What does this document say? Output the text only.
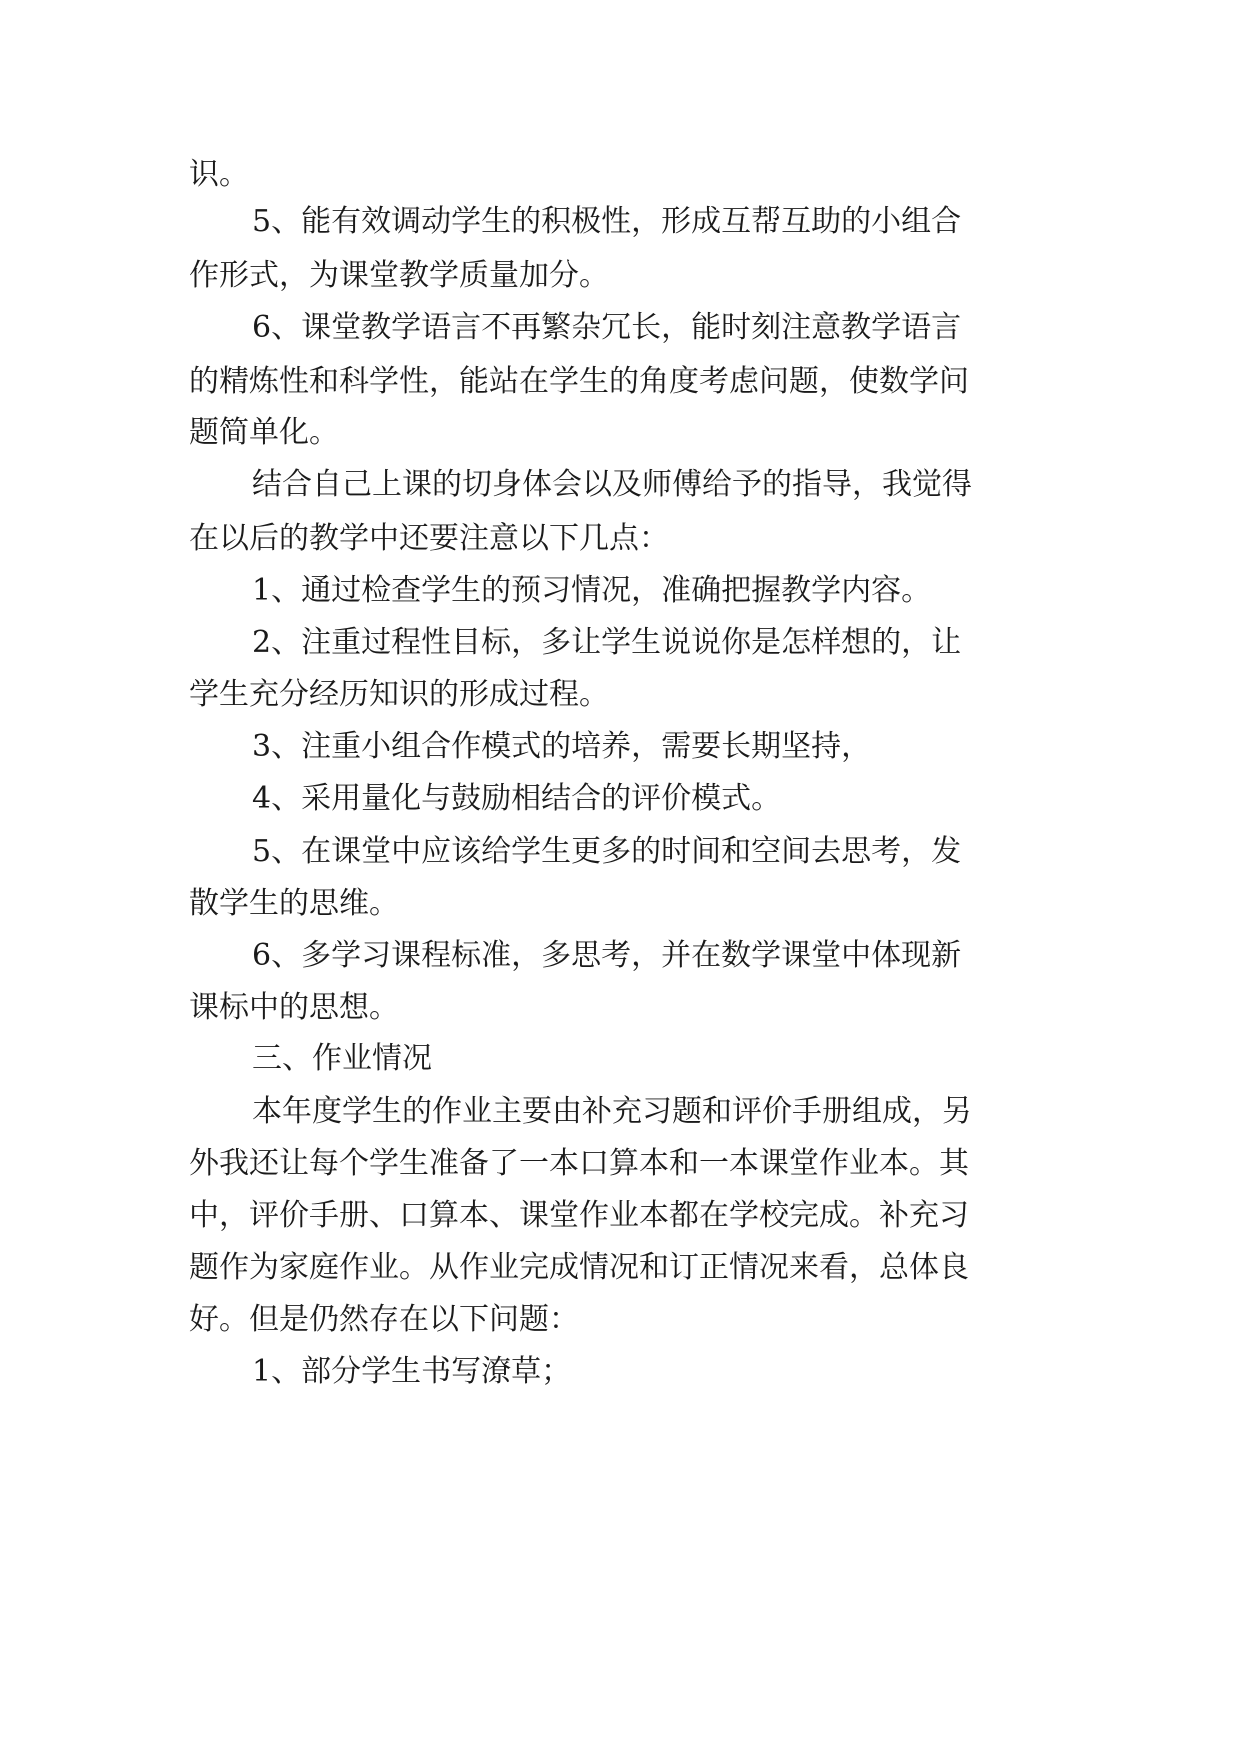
识。
5、能有效调动学生的积极性，形成互帮互助的小组合
作形式，为课堂教学质量加分。
6、课堂教学语言不再繁杂冗长，能时刻注意教学语言
的精炼性和科学性，能站在学生的角度考虑问题，使数学问
题简单化。
结合自己上课的切身体会以及师傅给予的指导，我觉得
在以后的教学中还要注意以下几点：
1、通过检查学生的预习情况，准确把握教学内容。
2、注重过程性目标，多让学生说说你是怎样想的，让
学生充分经历知识的形成过程。
3、注重小组合作模式的培养，需要长期坚持，
4、采用量化与鼓励相结合的评价模式。
5、在课堂中应该给学生更多的时间和空间去思考，发
散学生的思维。
6、多学习课程标准，多思考，并在数学课堂中体现新
课标中的思想。
三、作业情况
本年度学生的作业主要由补充习题和评价手册组成，另
外我还让每个学生准备了一本口算本和一本课堂作业本。其
中，评价手册、口算本、课堂作业本都在学校完成。补充习
题作为家庭作业。从作业完成情况和订正情况来看，总体良
好。但是仍然存在以下问题：
1、部分学生书写潦草；
